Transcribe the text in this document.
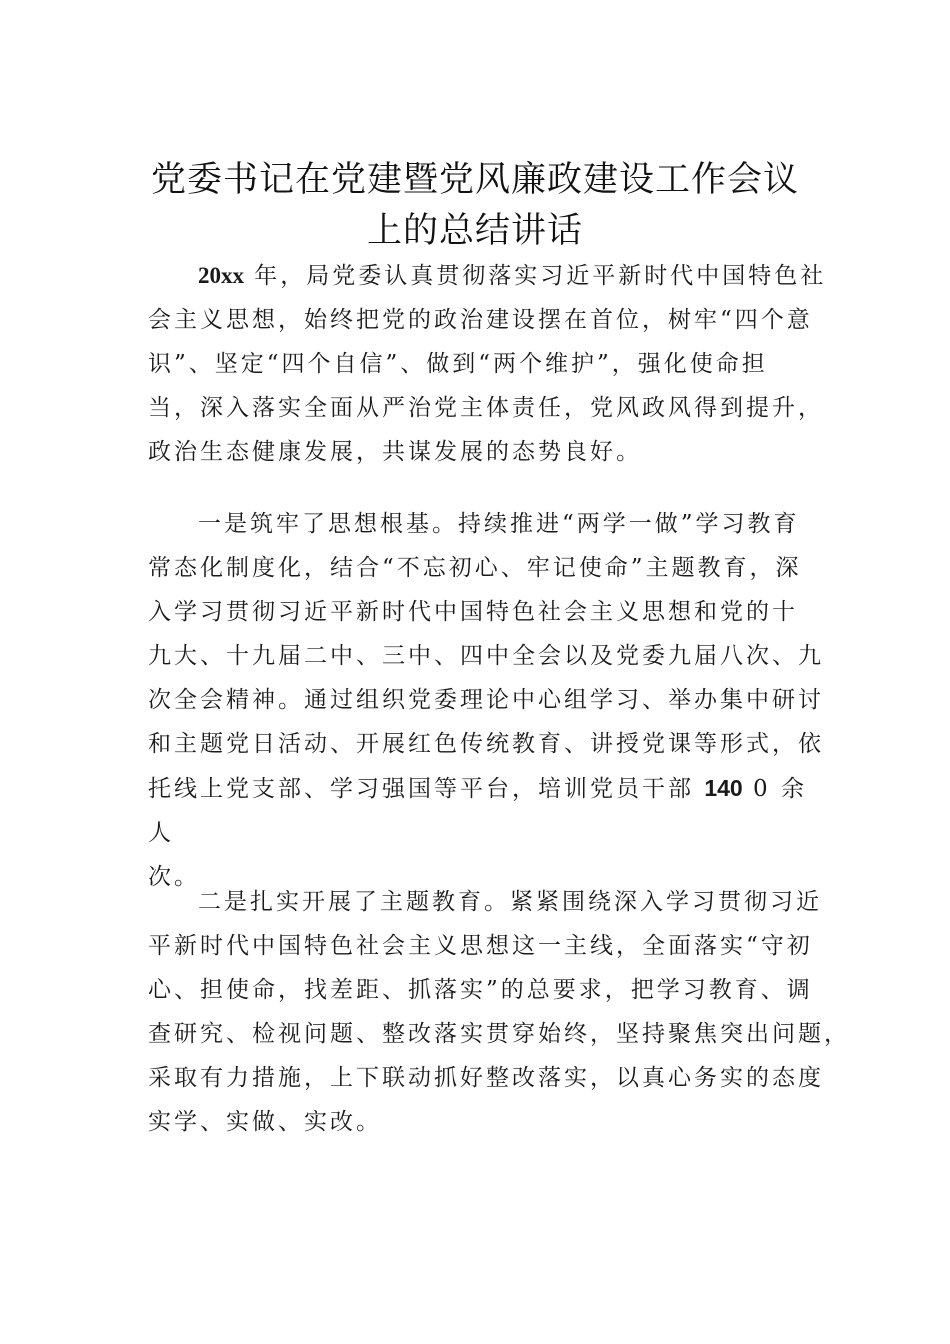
党委书记在党建暨党风廉政建设工作会议
上的总结讲话
20xx 年，局党委认真贯彻落实习近平新时代中国特色社
会主义思想，始终把党的政治建设摆在首位，树牢“四个意
识”、坚定“四个自信”、做到“两个维护”，强化使命担
当，深入落实全面从严治党主体责任，党风政风得到提升，
政治生态健康发展，共谋发展的态势良好。
一是筑牢了思想根基。持续推进“两学一做”学习教育
常态化制度化，结合“不忘初心、牢记使命”主题教育，深
入学习贯彻习近平新时代中国特色社会主义思想和党的十
九大、十九届二中、三中、四中全会以及党委九届八次、九
次全会精神。通过组织党委理论中心组学习、举办集中研讨
和主题党日活动、开展红色传统教育、讲授党课等形式，依
托线上党支部、学习强国等平台，培训党员干部 140 0 余
人
次。
二是扎实开展了主题教育。紧紧围绕深入学习贯彻习近
平新时代中国特色社会主义思想这一主线，全面落实“守初
心、担使命，找差距、抓落实”的总要求，把学习教育、调
查研究、检视问题、整改落实贯穿始终，坚持聚焦突出问题，
采取有力措施，上下联动抓好整改落实，以真心务实的态度
实学、实做、实改。
